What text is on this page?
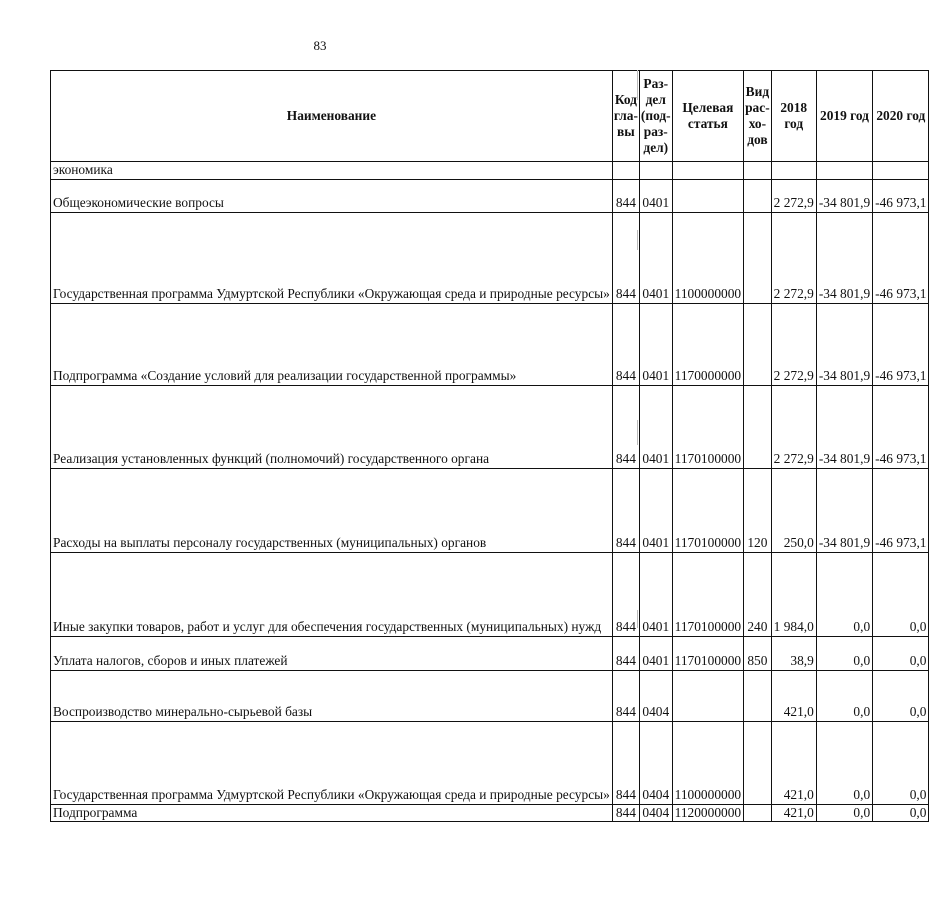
83
Наименование	Код
гла-
вы	Раз-
дел
(под-
раз-
дел)	Целевая
статья	Вид
рас-
хо-
дов	2018 год	2019 год	2020 год
экономика							
Общеэкономические вопросы	844	0401			2 272,9	-34 801,9	-46 973,1
Государственная программа Удмуртской Республики «Окружающая среда и природные ресурсы»	844	0401	1100000000		2 272,9	-34 801,9	-46 973,1
Подпрограмма «Создание условий для реализации государственной программы»	844	0401	1170000000		2 272,9	-34 801,9	-46 973,1
Реализация установленных функций (полномочий) государственного органа	844	0401	1170100000		2 272,9	-34 801,9	-46 973,1
Расходы на выплаты персоналу государственных (муниципальных) органов	844	0401	1170100000	120	250,0	-34 801,9	-46 973,1
Иные закупки товаров, работ и услуг для обеспечения государственных (муниципальных) нужд	844	0401	1170100000	240	1 984,0	0,0	0,0
Уплата налогов, сборов и иных платежей	844	0401	1170100000	850	38,9	0,0	0,0
Воспроизводство минерально-сырьевой базы	844	0404			421,0	0,0	0,0
Государственная программа Удмуртской Республики «Окружающая среда и природные ресурсы»	844	0404	1100000000		421,0	0,0	0,0
Подпрограмма	844	0404	1120000000		421,0	0,0	0,0
